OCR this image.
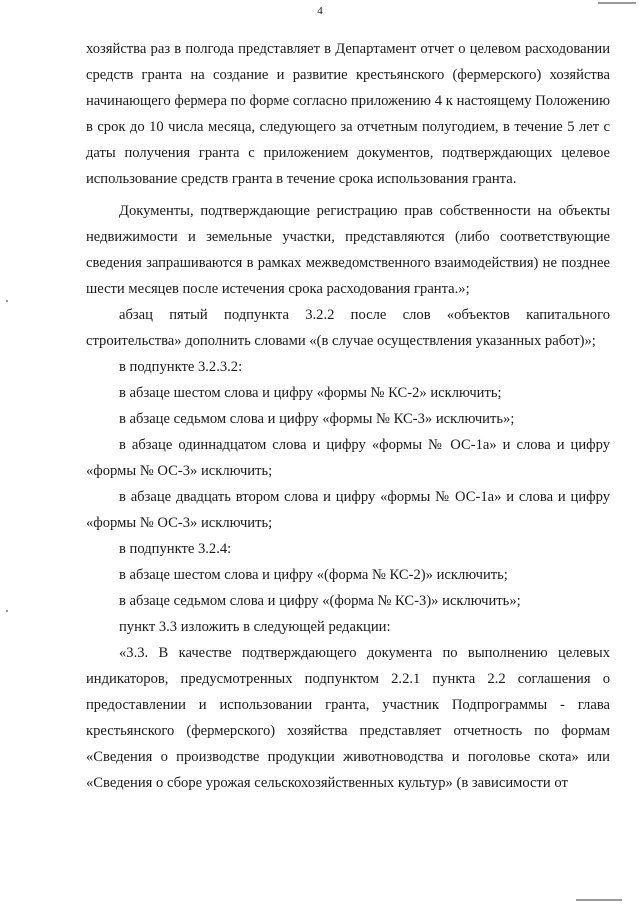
4

хозяйства раз в полгода представляет в Департамент отчет о целевом расходовании средств гранта на создание и развитие крестьянского (фермерского) хозяйства начинающего фермера по форме согласно приложению 4 к настоящему Положению в срок до 10 числа месяца, следующего за отчетным полугодием, в течение 5 лет с даты получения гранта с приложением документов, подтверждающих целевое использование средств гранта в течение срока использования гранта.

Документы, подтверждающие регистрацию прав собственности на объекты недвижимости и земельные участки, представляются (либо соответствующие сведения запрашиваются в рамках межведомственного взаимодействия) не позднее шести месяцев после истечения срока расходования гранта.»;

абзац пятый подпункта 3.2.2 после слов «объектов капитального строительства» дополнить словами «(в случае осуществления указанных работ)»;

в подпункте 3.2.3.2:

в абзаце шестом слова и цифру «формы № КС-2» исключить;

в абзаце седьмом слова и цифру «формы № КС-3» исключить»;

в абзаце одиннадцатом слова и цифру «формы № ОС-1а» и слова и цифру «формы № ОС-3» исключить;

в абзаце двадцать втором слова и цифру «формы № ОС-1а» и слова и цифру «формы № ОС-3» исключить;

в подпункте 3.2.4:

в абзаце шестом слова и цифру «(форма № КС-2)» исключить;

в абзаце седьмом слова и цифру «(форма № КС-3)» исключить»;

пункт 3.3 изложить в следующей редакции:

«3.3. В качестве подтверждающего документа по выполнению целевых индикаторов, предусмотренных подпунктом 2.2.1 пункта 2.2 соглашения о предоставлении и использовании гранта, участник Подпрограммы - глава крестьянского (фермерского) хозяйства представляет отчетность по формам «Сведения о производстве продукции животноводства и поголовье скота» или «Сведения о сборе урожая сельскохозяйственных культур» (в зависимости от
